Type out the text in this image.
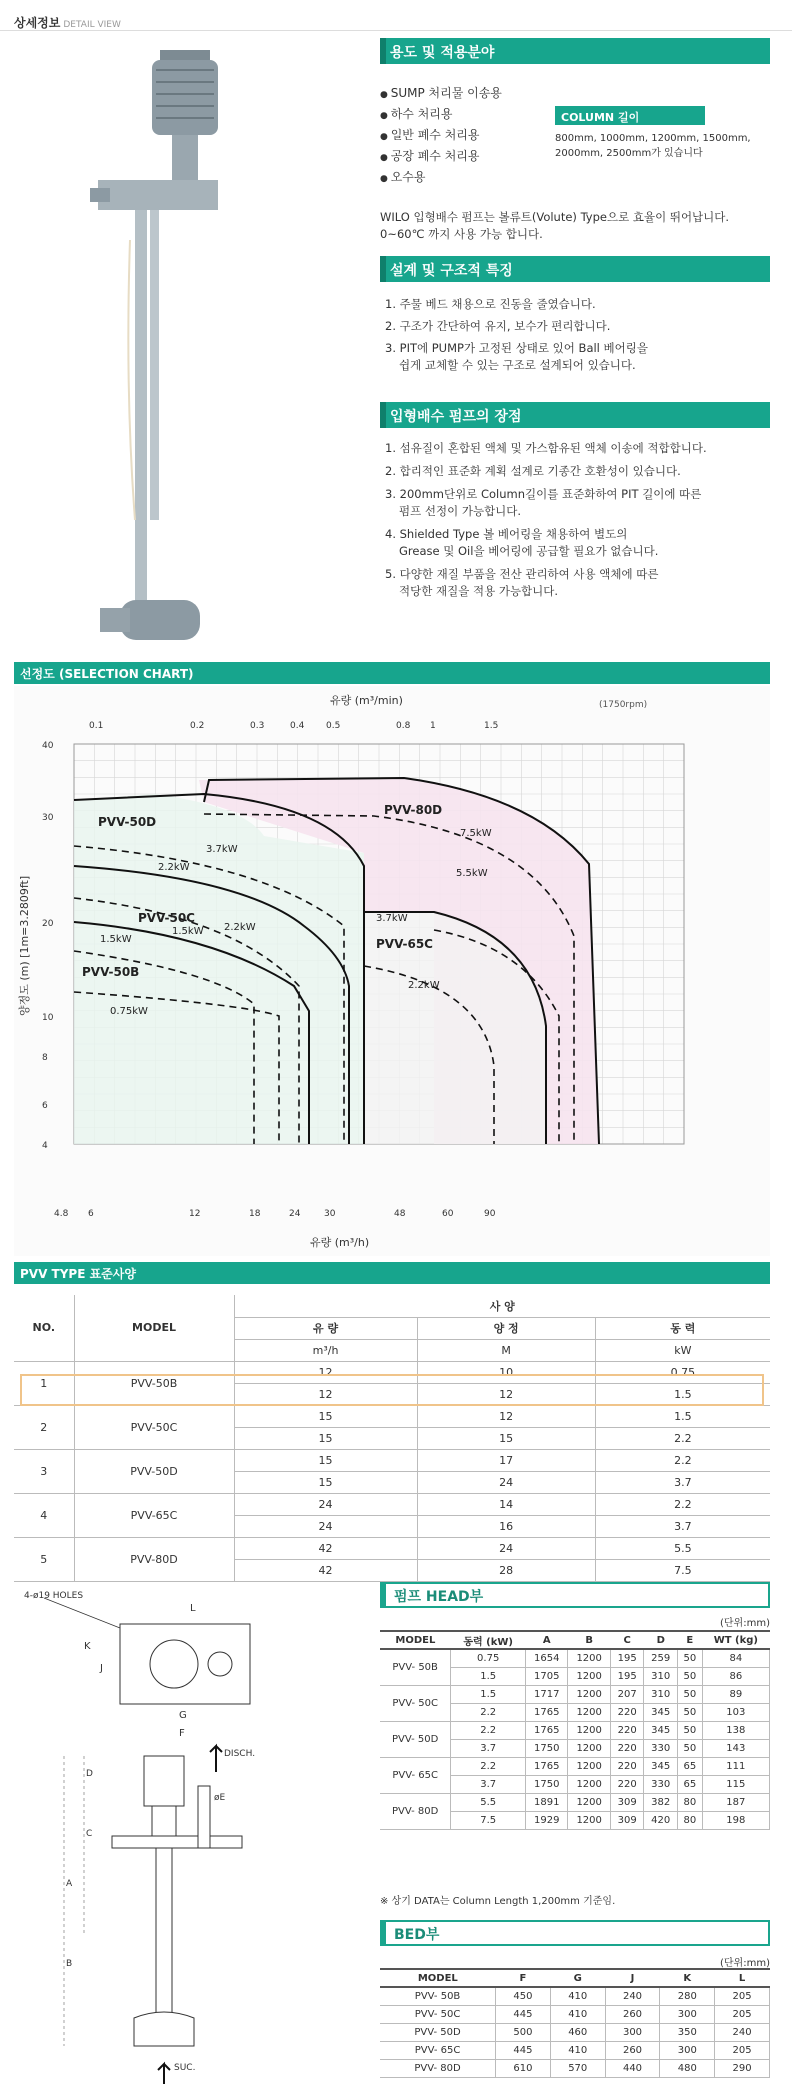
상세정보 DETAIL VIEW
용도 및 적용분야
● SUMP 처리물 이송용
● 하수 처리용
● 일반 폐수 처리용
● 공장 폐수 처리용
● 오수용
COLUMN 길이
800mm, 1000mm, 1200mm, 1500mm, 2000mm, 2500mm가 있습니다
WILO 입형배수 펌프는 볼류트(Volute) Type으로 효율이 뛰어납니다.
0~60℃ 까지 사용 가능 합니다.
설계 및 구조적 특징
1. 주물 베드 채용으로 진동을 줄였습니다.
2. 구조가 간단하여 유지, 보수가 편리합니다.
3. PIT에 PUMP가 고정된 상태로 있어 Ball 베어링을
쉽게 교체할 수 있는 구조로 설계되어 있습니다.
입형배수 펌프의 장점
1. 섬유질이 혼합된 액체 및 가스함유된 액체 이송에 적합합니다.
2. 합리적인 표준화 계획 설계로 기종간 호환성이 있습니다.
3. 200mm단위로 Column길이를 표준화하여 PIT 길이에 따른
펌프 선정이 가능합니다.
4. Shielded Type 볼 베어링을 채용하여 별도의
Grease 및 Oil을 베어링에 공급할 필요가 없습니다.
5. 다양한 재질 부품을 전산 관리하여 사용 액체에 따른
적당한 재질을 적용 가능합니다.
선정도 (SELECTION CHART)
유량 (m³/min)	(1750rpm)
4
6
8
10
20
30
40
4.8 6	12	18	24	30	48	60	90
0.1	0.2	0.3	0.4 0.5	0.8 1	1.5
PVV-50D
PVV-50C
PVV-50B
PVV-65C
PVV-80D
0.75kW
1.5kW
1.5kW 2.2kW
2.2kW
3.7kW
3.7kW
2.2kW
7.5kW
5.5kW
양정도 (m) [1m=3.2809ft]
유량 (m³/h)
PVV TYPE 표준사양
NO.	MODEL	사 양		
		유 량	양 정	동 력
		m³/h	M	kW
1	PVV-50B	12	10	0.75
		12	12	1.5
2	PVV-50C	15	12	1.5
		15	15	2.2
3	PVV-50D	15	17	2.2
		15	24	3.7
4	PVV-65C	24	14	2.2
		24	16	3.7
5	PVV-80D	42	24	5.5
		42	28	7.5
4-ø19 HOLES
L
K
J
G
F
DISCH.
SUC.
D
C
A
B
øE
펌프 HEAD부
(단위:mm)
MODEL	동력 (kW)	A	B	C	D	E	WT (kg)
PVV- 50B	0.75	1654	1200	195	259	50	84
	1.5	1705	1200	195	310	50	86
PVV- 50C	1.5	1717	1200	207	310	50	89
	2.2	1765	1200	220	345	50	103
PVV- 50D	2.2	1765	1200	220	345	50	138
	3.7	1750	1200	220	330	50	143
PVV- 65C	2.2	1765	1200	220	345	65	111
	3.7	1750	1200	220	330	65	115
PVV- 80D	5.5	1891	1200	309	382	80	187
	7.5	1929	1200	309	420	80	198
※ 상기 DATA는 Column Length 1,200mm 기준임.
BED부
(단위:mm)
MODEL	F	G	J	K	L
PVV- 50B	450	410	240	280	205
PVV- 50C	445	410	260	300	205
PVV- 50D	500	460	300	350	240
PVV- 65C	445	410	260	300	205
PVV- 80D	610	570	440	480	290
